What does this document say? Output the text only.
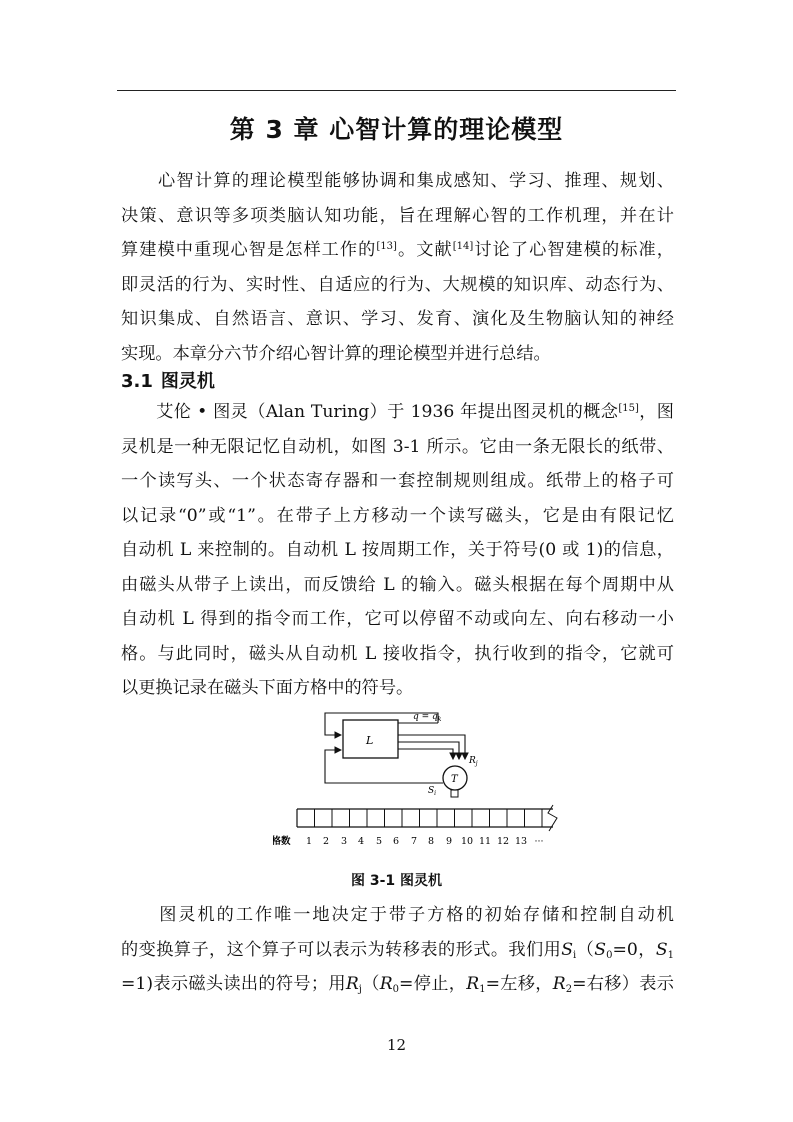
第 3 章 心智计算的理论模型
　　心智计算的理论模型能够协调和集成感知、学习、推理、规划、
决策、意识等多项类脑认知功能，旨在理解心智的工作机理，并在计
算建模中重现心智是怎样工作的[13]。文献[14]讨论了心智建模的标准，
即灵活的行为、实时性、自适应的行为、大规模的知识库、动态行为、
知识集成、自然语言、意识、学习、发育、演化及生物脑认知的神经
实现。本章分六节介绍心智计算的理论模型并进行总结。
3.1 图灵机
　　艾伦 • 图灵（Alan Turing）于 1936 年提出图灵机的概念[15]，图
灵机是一种无限记忆自动机，如图 3-1 所示。它由一条无限长的纸带、
一个读写头、一个状态寄存器和一套控制规则组成。纸带上的格子可
以记录“0”或“1”。在带子上方移动一个读写磁头，它是由有限记忆
自动机 L 来控制的。自动机 L 按周期工作，关于符号(0 或 1)的信息，
由磁头从带子上读出，而反馈给 L 的输入。磁头根据在每个周期中从
自动机 L 得到的指令而工作，它可以停留不动或向左、向右移动一小
格。与此同时，磁头从自动机 L 接收指令，执行收到的指令，它就可
以更换记录在磁头下面方格中的符号。
L
$q = q_k$
$R_j$
T
$S_i$
格数 1 2 3 4 5 6 7 8 9 10 11 12 13 ···
图 3-1 图灵机
　　图灵机的工作唯一地决定于带子方格的初始存储和控制自动机
的变换算子，这个算子可以表示为转移表的形式。我们用$S_i(S_0=0$，$S_1$
=1)表示磁头读出的符号；用$R_j(R_0=$停止，$R_1=$左移，$R_2=$右移）表示
12
